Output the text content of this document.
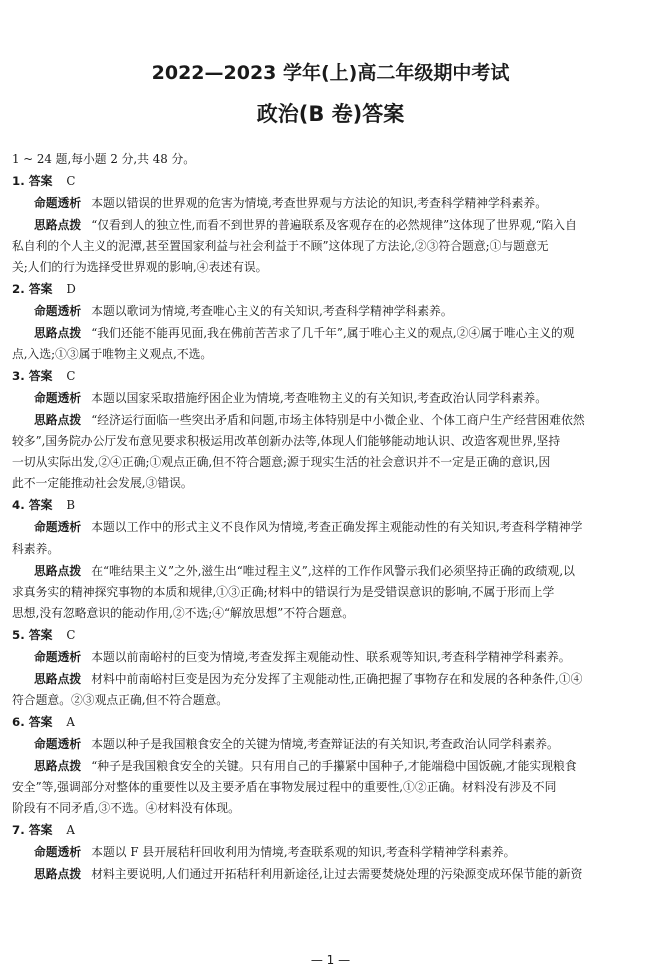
2022—2023 学年(上)高二年级期中考试
政治(B 卷)答案
1 ~ 24 题,每小题 2 分,共 48 分。
1. 答案 C
命题透析 本题以错误的世界观的危害为情境,考查世界观与方法论的知识,考查科学精神学科素养。
思路点拨 “仅看到人的独立性,而看不到世界的普遍联系及客观存在的必然规律”这体现了世界观,“陷入自
私自利的个人主义的泥潭,甚至置国家利益与社会利益于不顾”这体现了方法论,②③符合题意;①与题意无
关;人们的行为选择受世界观的影响,④表述有误。
2. 答案 D
命题透析 本题以歌词为情境,考查唯心主义的有关知识,考查科学精神学科素养。
思路点拨 “我们还能不能再见面,我在佛前苦苦求了几千年”,属于唯心主义的观点,②④属于唯心主义的观
点,入选;①③属于唯物主义观点,不选。
3. 答案 C
命题透析 本题以国家采取措施纾困企业为情境,考查唯物主义的有关知识,考查政治认同学科素养。
思路点拨 “经济运行面临一些突出矛盾和问题,市场主体特别是中小微企业、个体工商户生产经营困难依然
较多”,国务院办公厅发布意见要求积极运用改革创新办法等,体现人们能够能动地认识、改造客观世界,坚持
一切从实际出发,②④正确;①观点正确,但不符合题意;源于现实生活的社会意识并不一定是正确的意识,因
此不一定能推动社会发展,③错误。
4. 答案 B
命题透析 本题以工作中的形式主义不良作风为情境,考查正确发挥主观能动性的有关知识,考查科学精神学
科素养。
思路点拨 在“唯结果主义”之外,滋生出“唯过程主义”,这样的工作作风警示我们必须坚持正确的政绩观,以
求真务实的精神探究事物的本质和规律,①③正确;材料中的错误行为是受错误意识的影响,不属于形而上学
思想,没有忽略意识的能动作用,②不选;④“解放思想”不符合题意。
5. 答案 C
命题透析 本题以前南峪村的巨变为情境,考查发挥主观能动性、联系观等知识,考查科学精神学科素养。
思路点拨 材料中前南峪村巨变是因为充分发挥了主观能动性,正确把握了事物存在和发展的各种条件,①④
符合题意。②③观点正确,但不符合题意。
6. 答案 A
命题透析 本题以种子是我国粮食安全的关键为情境,考查辩证法的有关知识,考查政治认同学科素养。
思路点拨 “种子是我国粮食安全的关键。只有用自己的手攥紧中国种子,才能端稳中国饭碗,才能实现粮食
安全”等,强调部分对整体的重要性以及主要矛盾在事物发展过程中的重要性,①②正确。材料没有涉及不同
阶段有不同矛盾,③不选。④材料没有体现。
7. 答案 A
命题透析 本题以 F 县开展秸秆回收利用为情境,考查联系观的知识,考查科学精神学科素养。
思路点拨 材料主要说明,人们通过开拓秸秆利用新途径,让过去需要焚烧处理的污染源变成环保节能的新资
— 1 —
